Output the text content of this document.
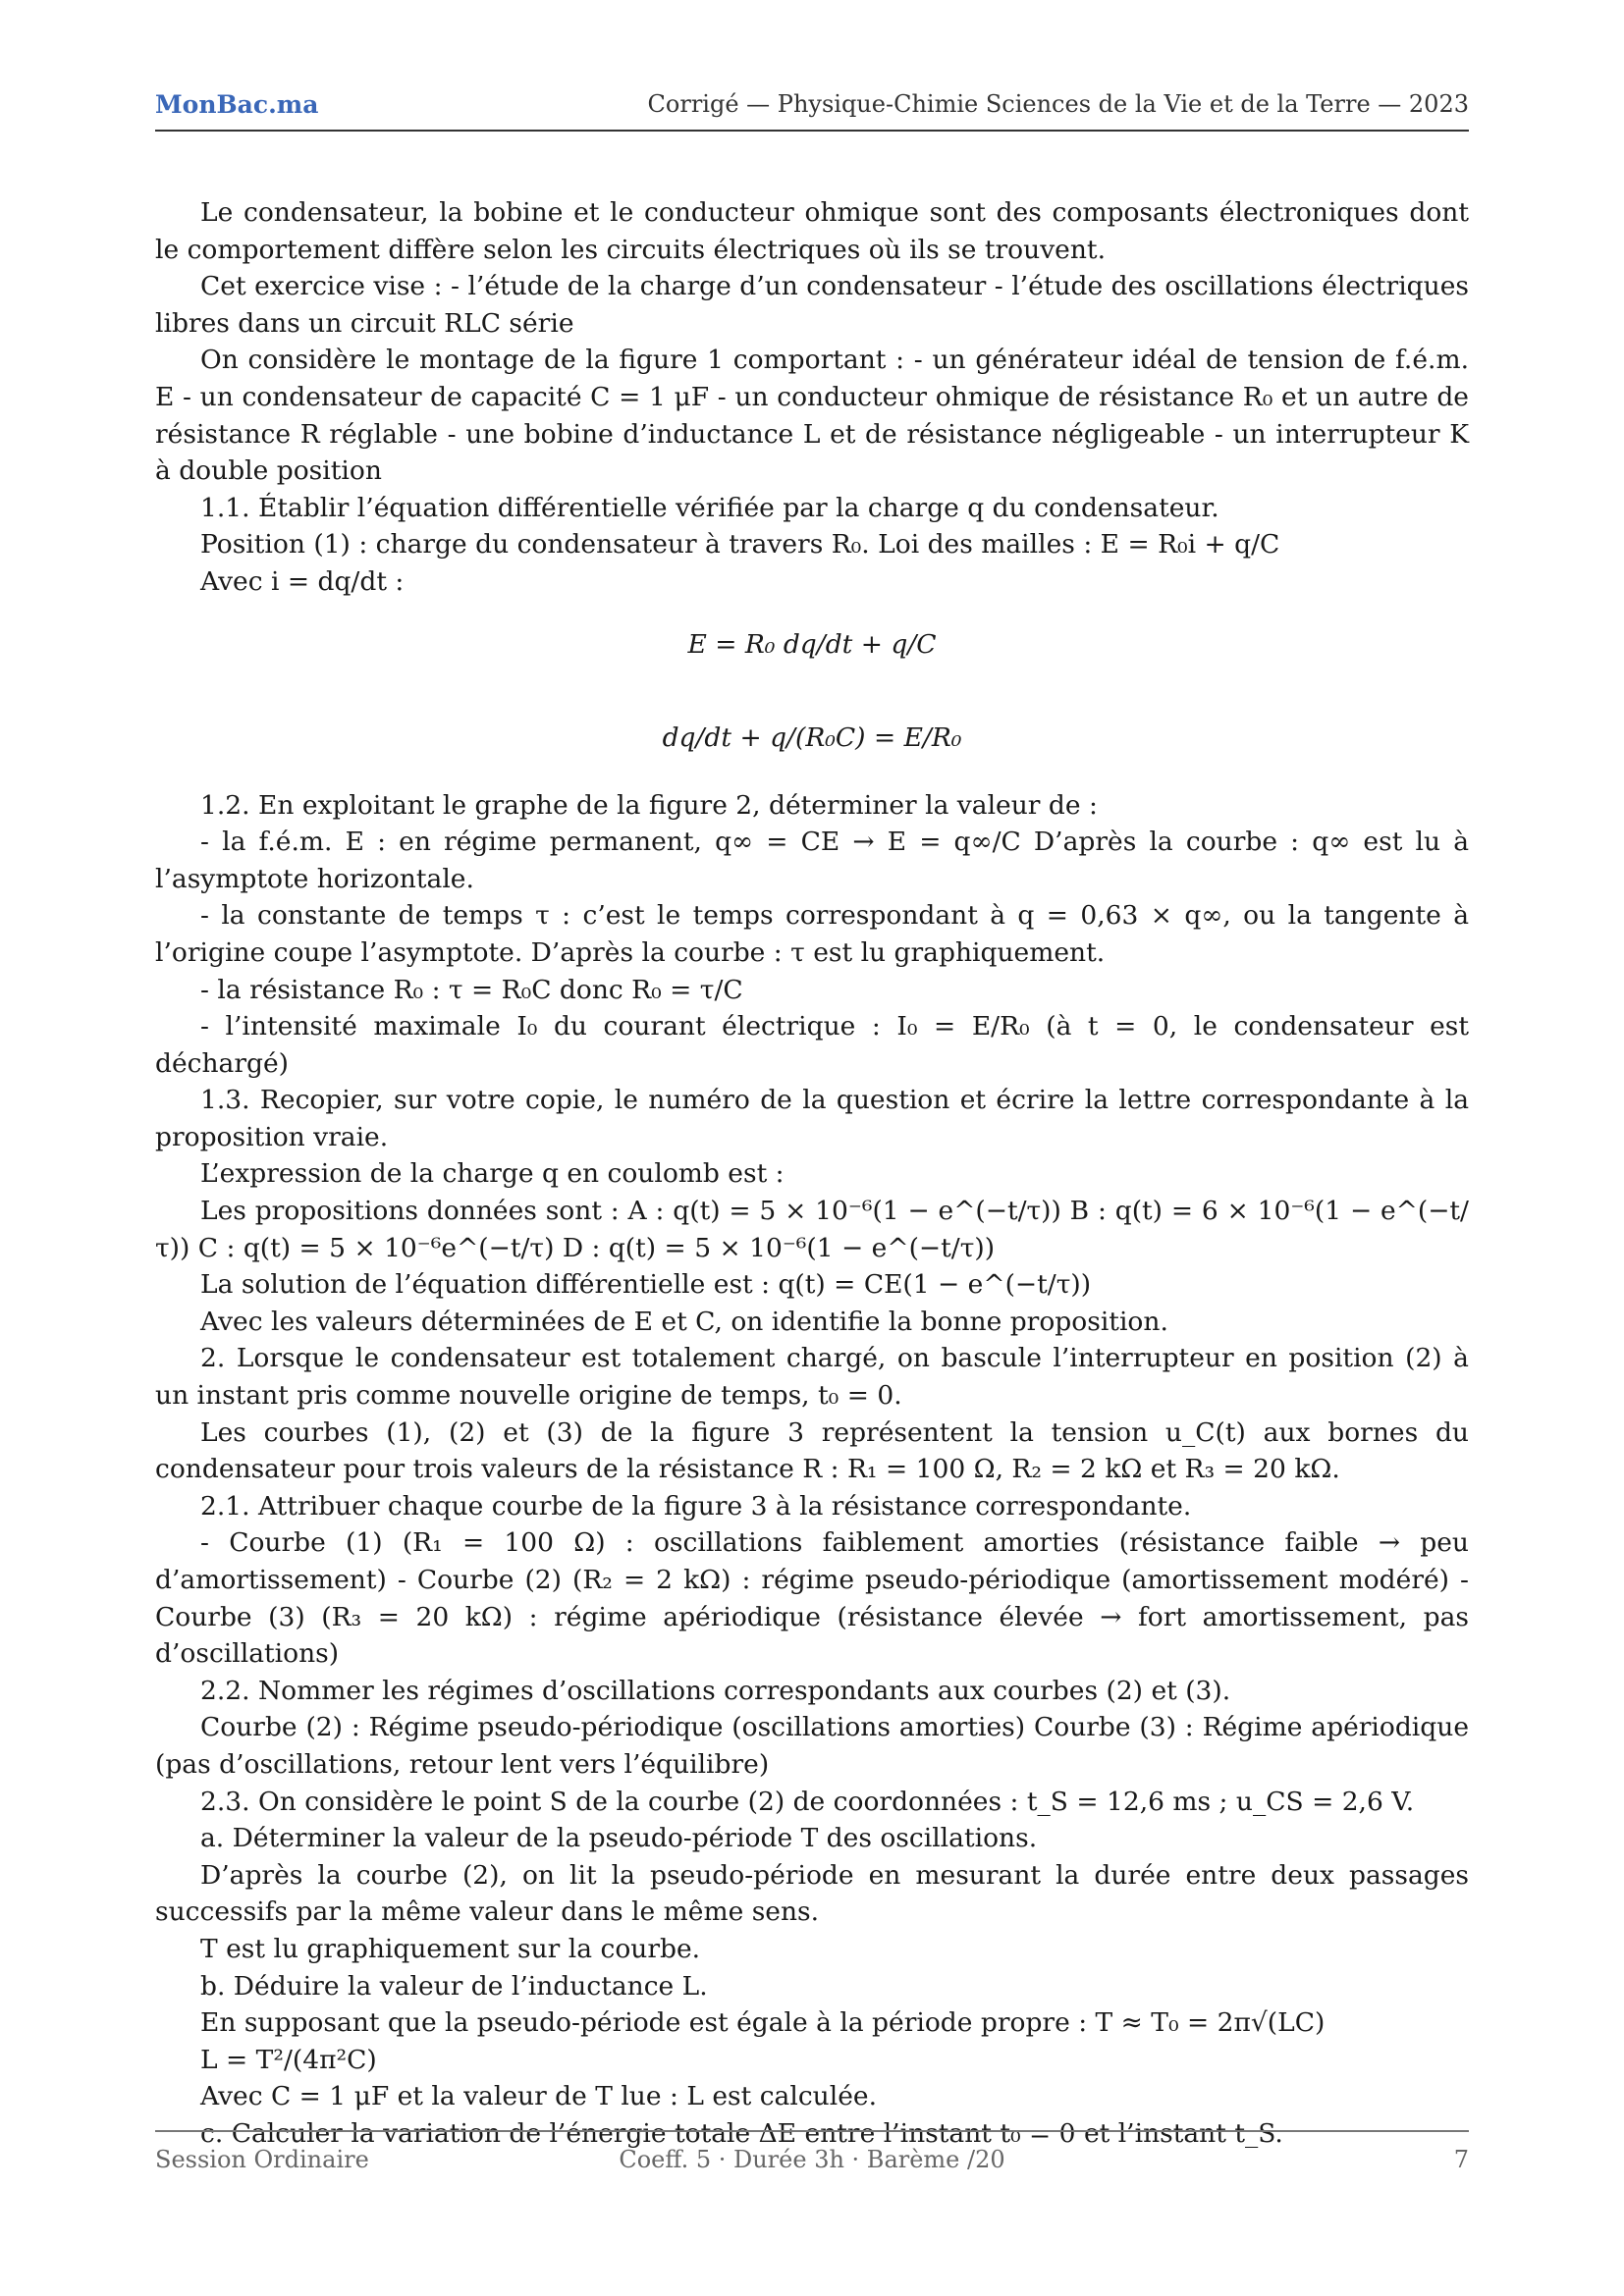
MonBac.ma	Corrigé — Physique-Chimie Sciences de la Vie et de la Terre — 2023

Le condensateur, la bobine et le conducteur ohmique sont des composants électroniques dont le comportement diffère selon les circuits électriques où ils se trouvent.

Cet exercice vise : - l’étude de la charge d’un condensateur - l’étude des oscillations électriques libres dans un circuit RLC série

On considère le montage de la figure 1 comportant : - un générateur idéal de tension de f.é.m. E - un condensateur de capacité C = 1 μF - un conducteur ohmique de résistance R₀ et un autre de résistance R réglable - une bobine d’inductance L et de résistance négligeable - un interrupteur K à double position

1.1. Établir l’équation différentielle vérifiée par la charge q du condensateur.

Position (1) : charge du condensateur à travers R₀. Loi des mailles : E = R₀i + q/C

Avec i = dq/dt :

E = R₀ dq/dt + q/C

dq/dt + q/(R₀C) = E/R₀

1.2. En exploitant le graphe de la figure 2, déterminer la valeur de :

- la f.é.m. E : en régime permanent, q∞ = CE → E = q∞/C D’après la courbe : q∞ est lu à l’asymptote horizontale.

- la constante de temps τ : c’est le temps correspondant à q = 0,63 × q∞, ou la tangente à l’origine coupe l’asymptote. D’après la courbe : τ est lu graphiquement.

- la résistance R₀ : τ = R₀C donc R₀ = τ/C

- l’intensité maximale I₀ du courant électrique : I₀ = E/R₀ (à t = 0, le condensateur est déchargé)

1.3. Recopier, sur votre copie, le numéro de la question et écrire la lettre correspondante à la proposition vraie.

L’expression de la charge q en coulomb est :

Les propositions données sont : A : q(t) = 5 × 10⁻⁶(1 − e^(−t/τ)) B : q(t) = 6 × 10⁻⁶(1 − e^(−t/τ)) C : q(t) = 5 × 10⁻⁶e^(−t/τ) D : q(t) = 5 × 10⁻⁶(1 − e^(−t/τ))

La solution de l’équation différentielle est : q(t) = CE(1 − e^(−t/τ))

Avec les valeurs déterminées de E et C, on identifie la bonne proposition.

2. Lorsque le condensateur est totalement chargé, on bascule l’interrupteur en position (2) à un instant pris comme nouvelle origine de temps, t₀ = 0.

Les courbes (1), (2) et (3) de la figure 3 représentent la tension u_C(t) aux bornes du condensateur pour trois valeurs de la résistance R : R₁ = 100 Ω, R₂ = 2 kΩ et R₃ = 20 kΩ.

2.1. Attribuer chaque courbe de la figure 3 à la résistance correspondante.

- Courbe (1) (R₁ = 100 Ω) : oscillations faiblement amorties (résistance faible → peu d’amortissement) - Courbe (2) (R₂ = 2 kΩ) : régime pseudo-périodique (amortissement modéré) - Courbe (3) (R₃ = 20 kΩ) : régime apériodique (résistance élevée → fort amortissement, pas d’oscillations)

2.2. Nommer les régimes d’oscillations correspondants aux courbes (2) et (3).

Courbe (2) : Régime pseudo-périodique (oscillations amorties) Courbe (3) : Régime apériodique (pas d’oscillations, retour lent vers l’équilibre)

2.3. On considère le point S de la courbe (2) de coordonnées : t_S = 12,6 ms ; u_CS = 2,6 V.

a. Déterminer la valeur de la pseudo-période T des oscillations.

D’après la courbe (2), on lit la pseudo-période en mesurant la durée entre deux passages successifs par la même valeur dans le même sens.

T est lu graphiquement sur la courbe.

b. Déduire la valeur de l’inductance L.

En supposant que la pseudo-période est égale à la période propre : T ≈ T₀ = 2π√(LC)

L = T²/(4π²C)

Avec C = 1 μF et la valeur de T lue : L est calculée.

c. Calculer la variation de l’énergie totale ΔE entre l’instant t₀ = 0 et l’instant t_S.

Session Ordinaire	Coeff. 5 · Durée 3h · Barème /20	7
